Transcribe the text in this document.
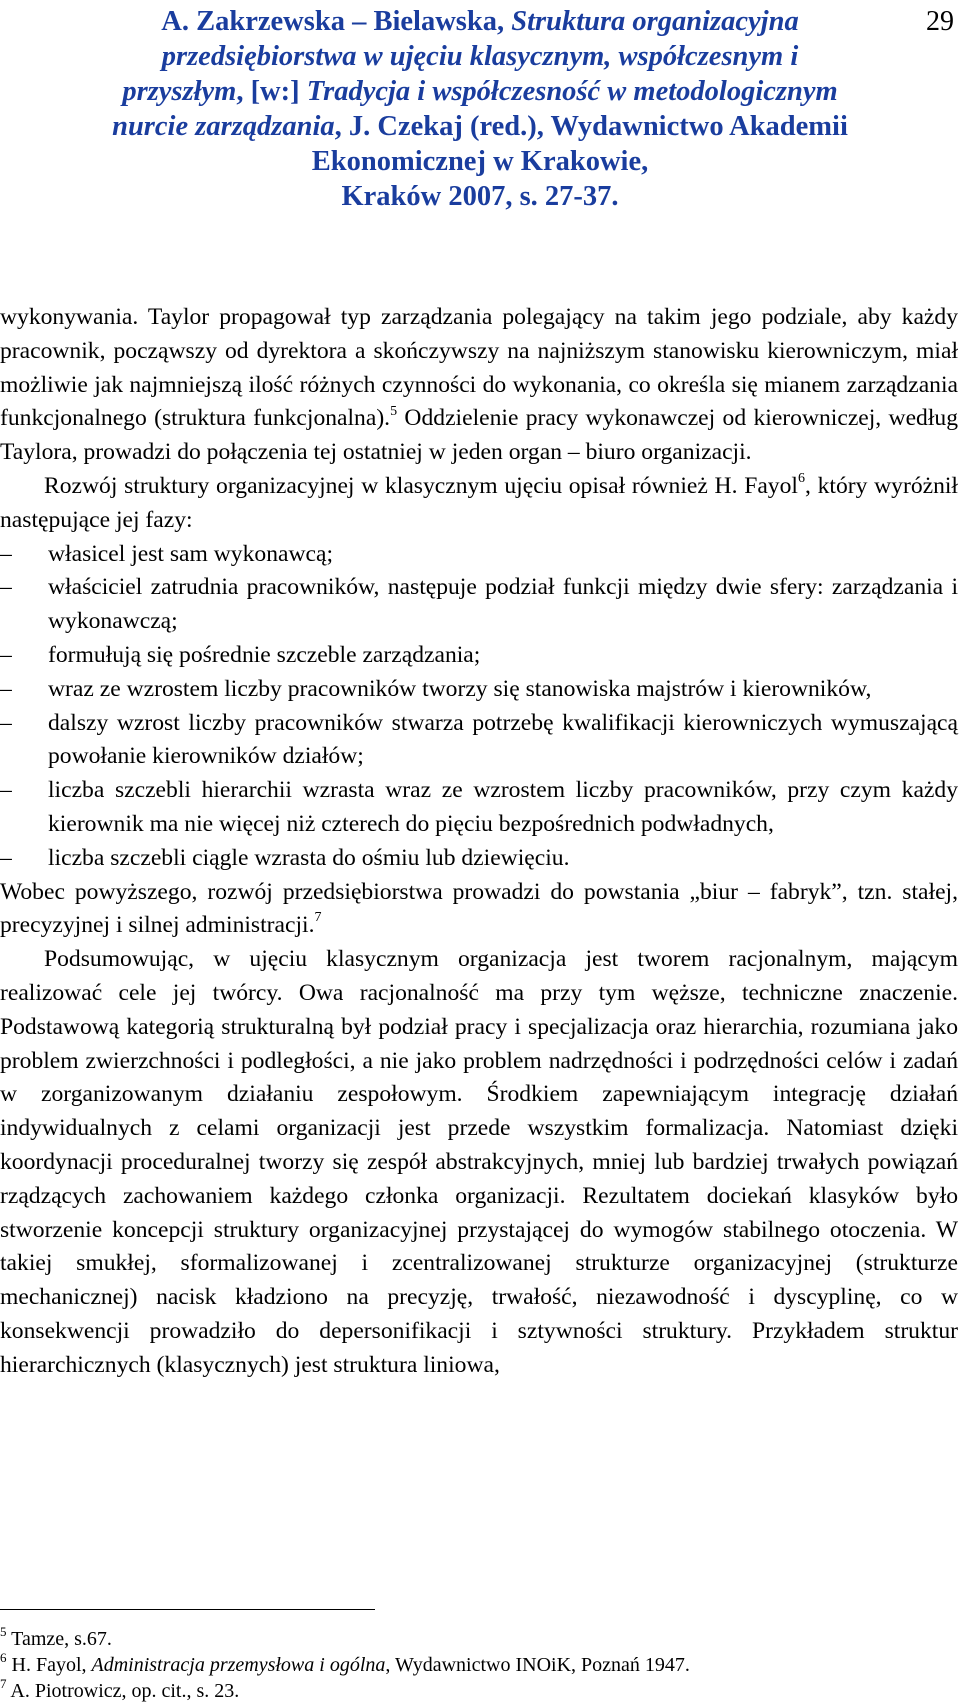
A. Zakrzewska – Bielawska, Struktura organizacyjna
przedsiębiorstwa w ujęciu klasycznym, współczesnym i
przyszłym, [w:] Tradycja i współczesność w metodologicznym
nurcie zarządzania, J. Czekaj (red.), Wydawnictwo Akademii
Ekonomicznej w Krakowie,
Kraków 2007, s. 27-37.
29

wykonywania. Taylor propagował typ zarządzania polegający na takim jego podziale, aby każdy pracownik, począwszy od dyrektora a skończywszy na najniższym stanowisku kierowniczym, miał możliwie jak najmniejszą ilość różnych czynności do wykonania, co określa się mianem zarządzania funkcjonalnego (struktura funkcjonalna).$^5$ Oddzielenie pracy wykonawczej od kierowniczej, według Taylora, prowadzi do połączenia tej ostatniej w jeden organ – biuro organizacji.

Rozwój struktury organizacyjnej w klasycznym ujęciu opisał również H. Fayol$^6$, który wyróżnił następujące jej fazy:

– własicel jest sam wykonawcą;
– właściciel zatrudnia pracowników, następuje podział funkcji między dwie sfery: zarządzania i wykonawczą;
– formułują się pośrednie szczeble zarządzania;
– wraz ze wzrostem liczby pracowników tworzy się stanowiska majstrów i kierowników,
– dalszy wzrost liczby pracowników stwarza potrzebę kwalifikacji kierowniczych wymuszającą powołanie kierowników działów;
– liczba szczebli hierarchii wzrasta wraz ze wzrostem liczby pracowników, przy czym każdy kierownik ma nie więcej niż czterech do pięciu bezpośrednich podwładnych,
– liczba szczebli ciągle wzrasta do ośmiu lub dziewięciu.

Wobec powyższego, rozwój przedsiębiorstwa prowadzi do powstania „biur – fabryk”, tzn. stałej, precyzyjnej i silnej administracji.$^7$

Podsumowując, w ujęciu klasycznym organizacja jest tworem racjonalnym, mającym realizować cele jej twórcy. Owa racjonalność ma przy tym węższe, techniczne znaczenie. Podstawową kategorią strukturalną był podział pracy i specjalizacja oraz hierarchia, rozumiana jako problem zwierzchności i podległości, a nie jako problem nadrzędności i podrzędności celów i zadań w zorganizowanym działaniu zespołowym. Środkiem zapewniającym integrację działań indywidualnych z celami organizacji jest przede wszystkim formalizacja. Natomiast dzięki koordynacji proceduralnej tworzy się zespół abstrakcyjnych, mniej lub bardziej trwałych powiązań rządzących zachowaniem każdego członka organizacji. Rezultatem dociekań klasyków było stworzenie koncepcji struktury organizacyjnej przystającej do wymogów stabilnego otoczenia. W takiej smukłej, sformalizowanej i zcentralizowanej strukturze organizacyjnej (strukturze mechanicznej) nacisk kładziono na precyzję, trwałość, niezawodność i dyscyplinę, co w konsekwencji prowadziło do depersonifikacji i sztywności struktury. Przykładem struktur hierarchicznych (klasycznych) jest struktura liniowa,

$^5$ Tamze, s.67.
$^6$ H. Fayol, Administracja przemysłowa i ogólna, Wydawnictwo INOiK, Poznań 1947.
$^7$ A. Piotrowicz, op. cit., s. 23.
